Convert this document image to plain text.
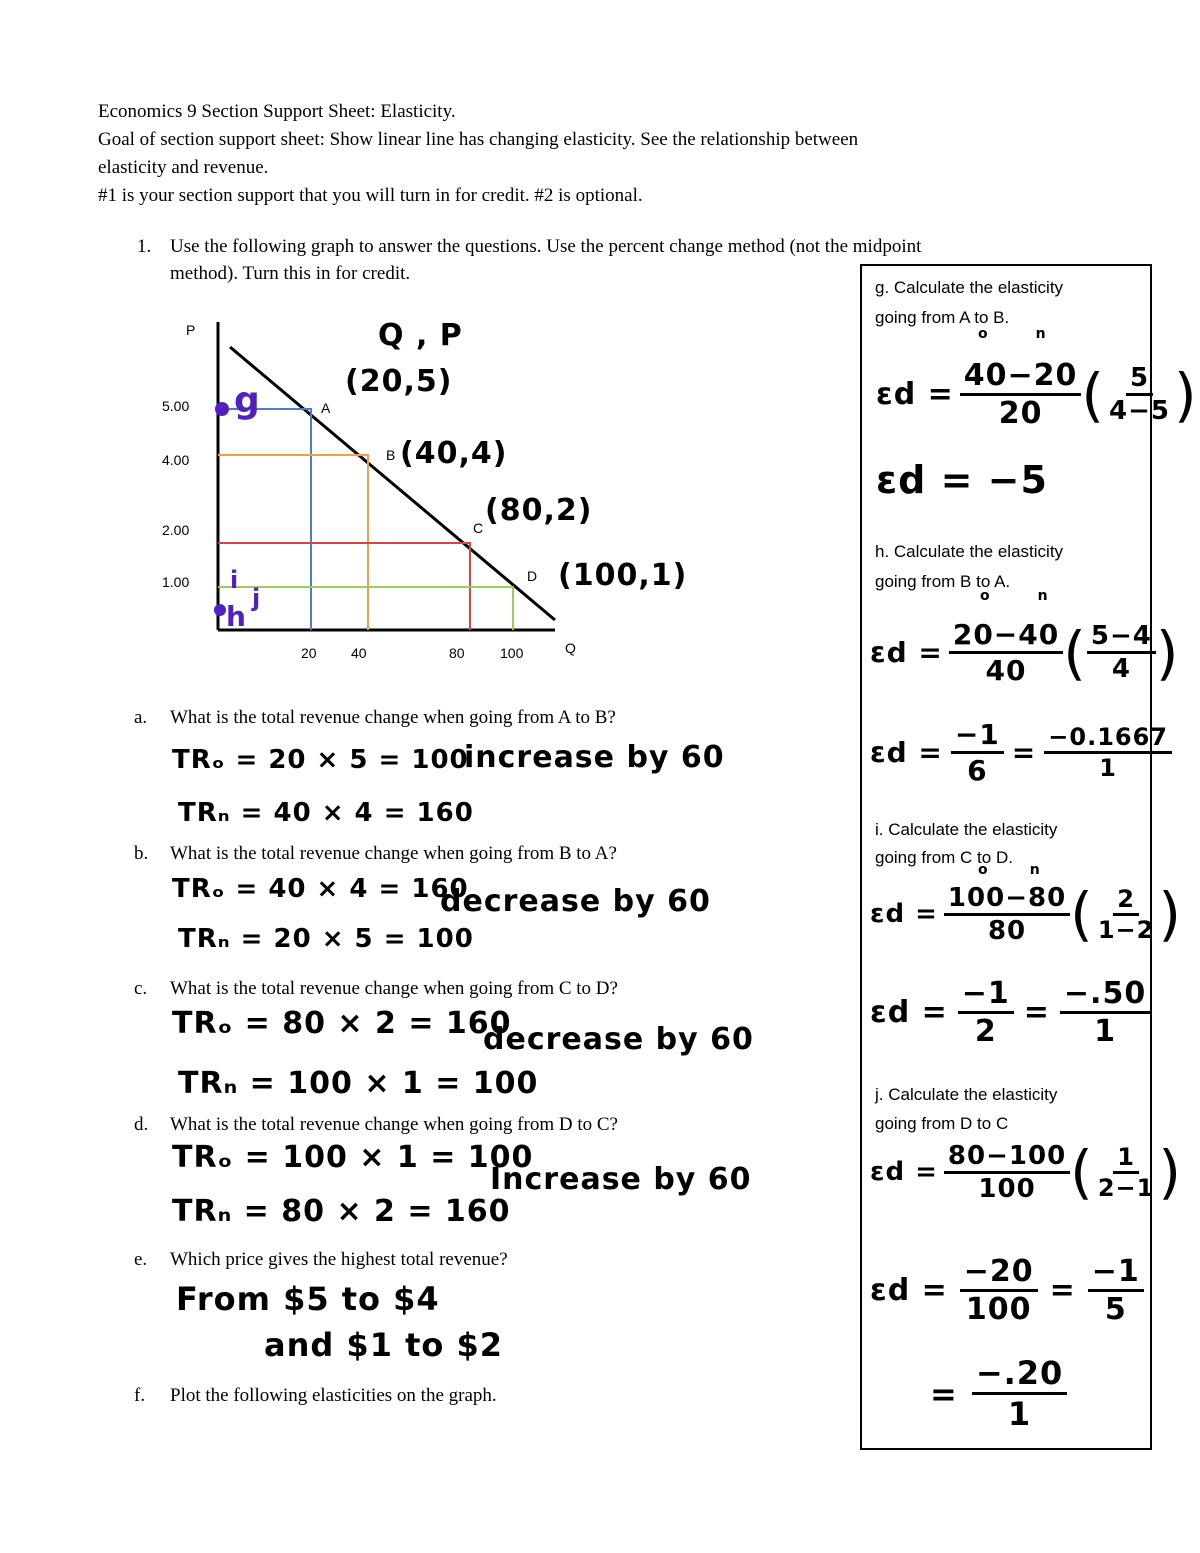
Economics 9 Section Support Sheet: Elasticity.
Goal of section support sheet: Show linear line has changing elasticity. See the relationship between
elasticity and revenue.
#1 is your section support that you will turn in for credit. #2 is optional.
1. Use the following graph to answer the questions. Use the percent change method (not the midpoint
method). Turn this in for credit.
P
Q
5.00
4.00
2.00
1.00
20 40	80	100
A
B
C
D
Q , P
(20,5)
(40,4)
(80,2)
(100,1)
g
h
i
j
a. What is the total revenue change when going from A to B?
TRₒ = 20 × 5 = 100
TRₙ = 40 × 4 = 160
increase by 60
b. What is the total revenue change when going from B to A?
TRₒ = 40 × 4 = 160
TRₙ = 20 × 5 = 100
decrease by 60
c. What is the total revenue change when going from C to D?
TRₒ = 80 × 2 = 160
TRₙ = 100 × 1 = 100
decrease by 60
d. What is the total revenue change when going from D to C?
TRₒ = 100 × 1 = 100
TRₙ = 80 × 2 = 160
Increase by 60
e. Which price gives the highest total revenue?
From $5 to $4
and $1 to $2
f. Plot the following elasticities on the graph.
g. Calculate the elasticity
going from A to B.
o        n
$\varepsilon d = \frac{40-20}{20}$ ( $\frac{5}{4-5}$ )
εd = −5
h. Calculate the elasticity
going from B to A.
o        n
$\varepsilon d = \frac{20-40}{40}$ ( $\frac{5-4}{4}$ )
$\varepsilon d = \frac{-1}{6} = \frac{-0.1667}{1}$
i. Calculate the elasticity
going from C to D.
o       n
$\varepsilon d = \frac{100-80}{80}$ ( $\frac{2}{1-2}$ )
$\varepsilon d = \frac{-1}{2} = \frac{-.50}{1}$
j. Calculate the elasticity
going from D to C
$\varepsilon d = \frac{80-100}{100}$ ( $\frac{1}{2-1}$ )
$\varepsilon d = \frac{-20}{100} = \frac{-1}{5}$
= $\frac{-.20}{1}$
